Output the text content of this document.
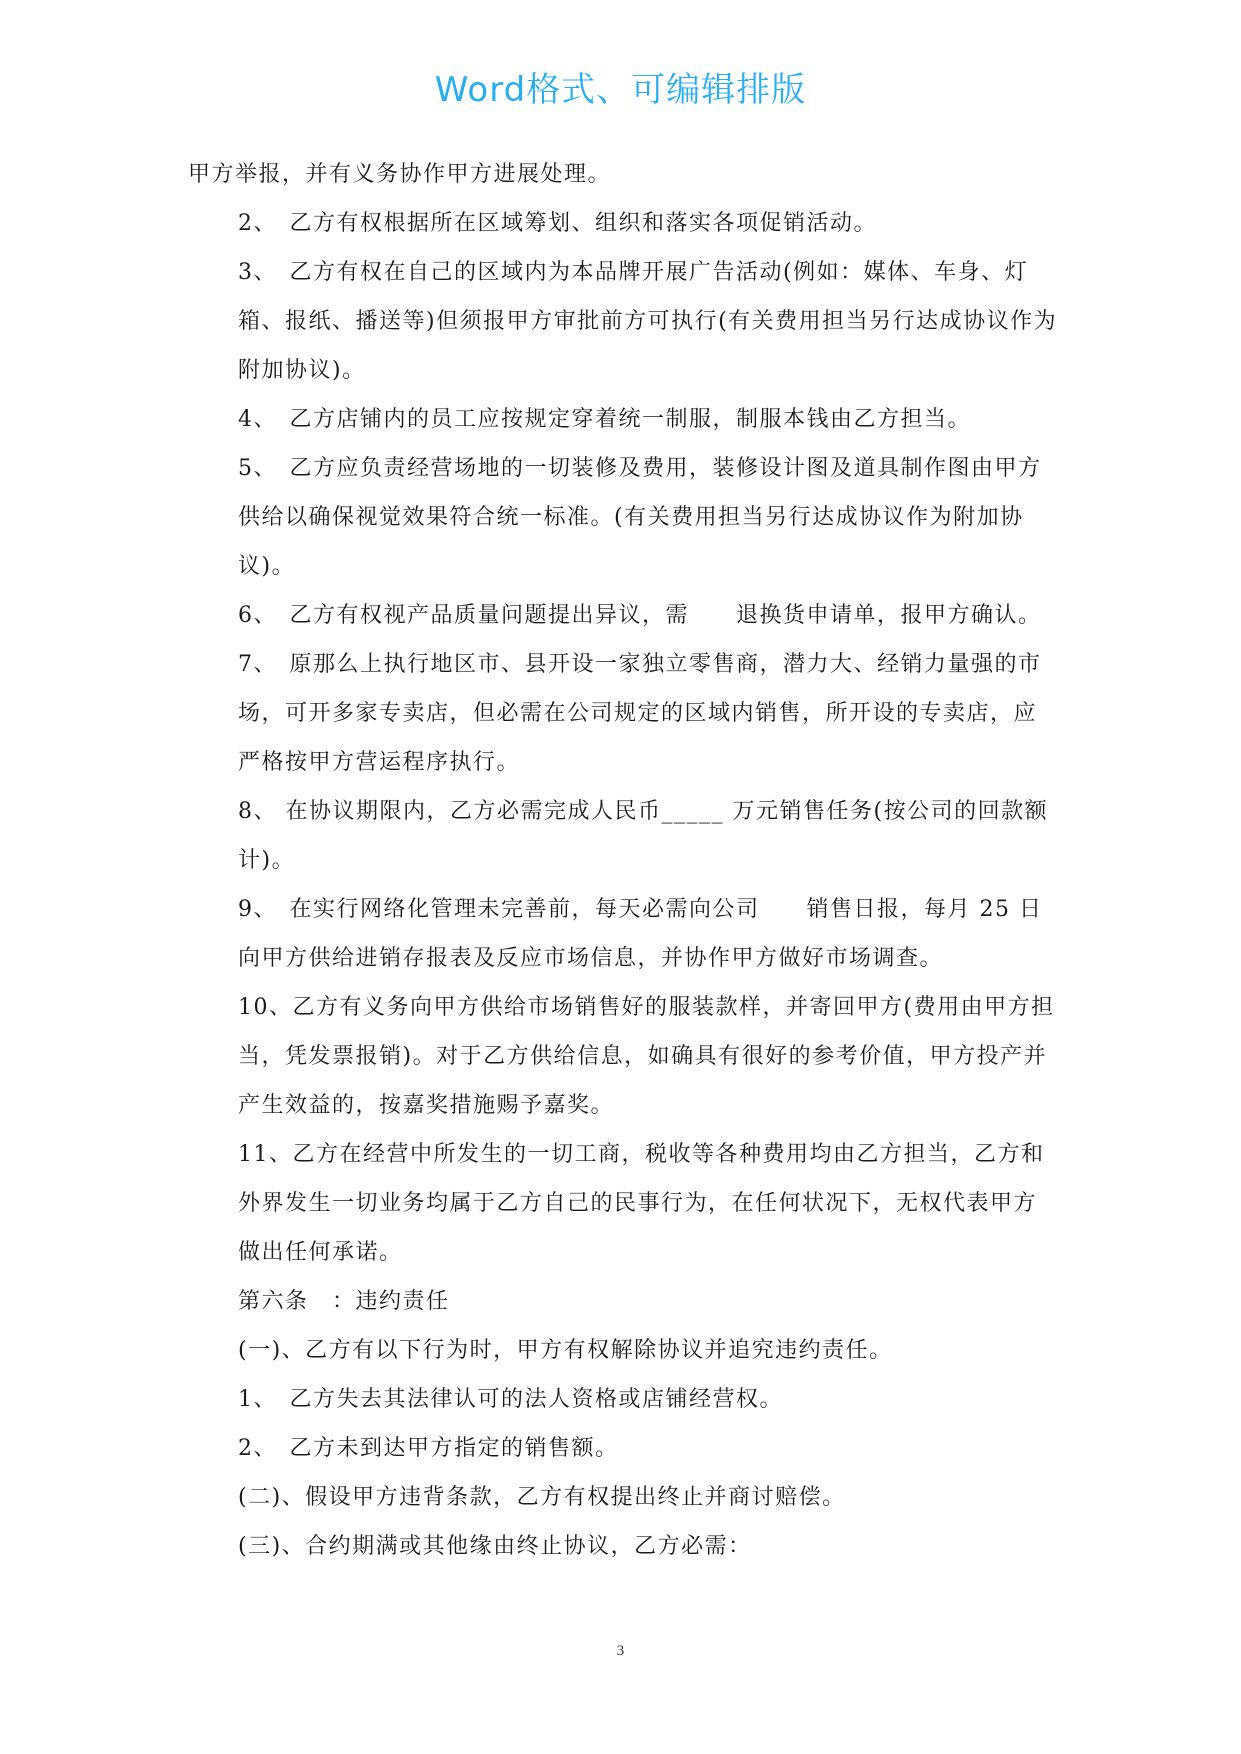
Word格式、可编辑排版

甲方举报，并有义务协作甲方进展处理。

2、　乙方有权根据所在区域筹划、组织和落实各项促销活动。

3、　乙方有权在自己的区域内为本品牌开展广告活动(例如：媒体、车身、灯箱、报纸、播送等)但须报甲方审批前方可执行(有关费用担当另行达成协议作为附加协议)。

4、　乙方店铺内的员工应按规定穿着统一制服，制服本钱由乙方担当。

5、　乙方应负责经营场地的一切装修及费用，装修设计图及道具制作图由甲方供给以确保视觉效果符合统一标准。(有关费用担当另行达成协议作为附加协议)。

6、　乙方有权视产品质量问题提出异议，需　　退换货申请单，报甲方确认。

7、　原那么上执行地区市、县开设一家独立零售商，潜力大、经销力量强的市场，可开多家专卖店，但必需在公司规定的区域内销售，所开设的专卖店，应严格按甲方营运程序执行。

8、 在协议期限内，乙方必需完成人民币_____ 万元销售任务(按公司的回款额计)。

9、　在实行网络化管理未完善前，每天必需向公司　　销售日报，每月 25 日向甲方供给进销存报表及反应市场信息，并协作甲方做好市场调查。

10、乙方有义务向甲方供给市场销售好的服装款样，并寄回甲方(费用由甲方担当，凭发票报销)。对于乙方供给信息，如确具有很好的参考价值，甲方投产并产生效益的，按嘉奖措施赐予嘉奖。

11、乙方在经营中所发生的一切工商，税收等各种费用均由乙方担当，乙方和外界发生一切业务均属于乙方自己的民事行为，在任何状况下，无权代表甲方做出任何承诺。

第六条　：违约责任

(一)、乙方有以下行为时，甲方有权解除协议并追究违约责任。

1、　乙方失去其法律认可的法人资格或店铺经营权。

2、　乙方未到达甲方指定的销售额。

(二)、假设甲方违背条款，乙方有权提出终止并商讨赔偿。

(三)、合约期满或其他缘由终止协议，乙方必需：

3
